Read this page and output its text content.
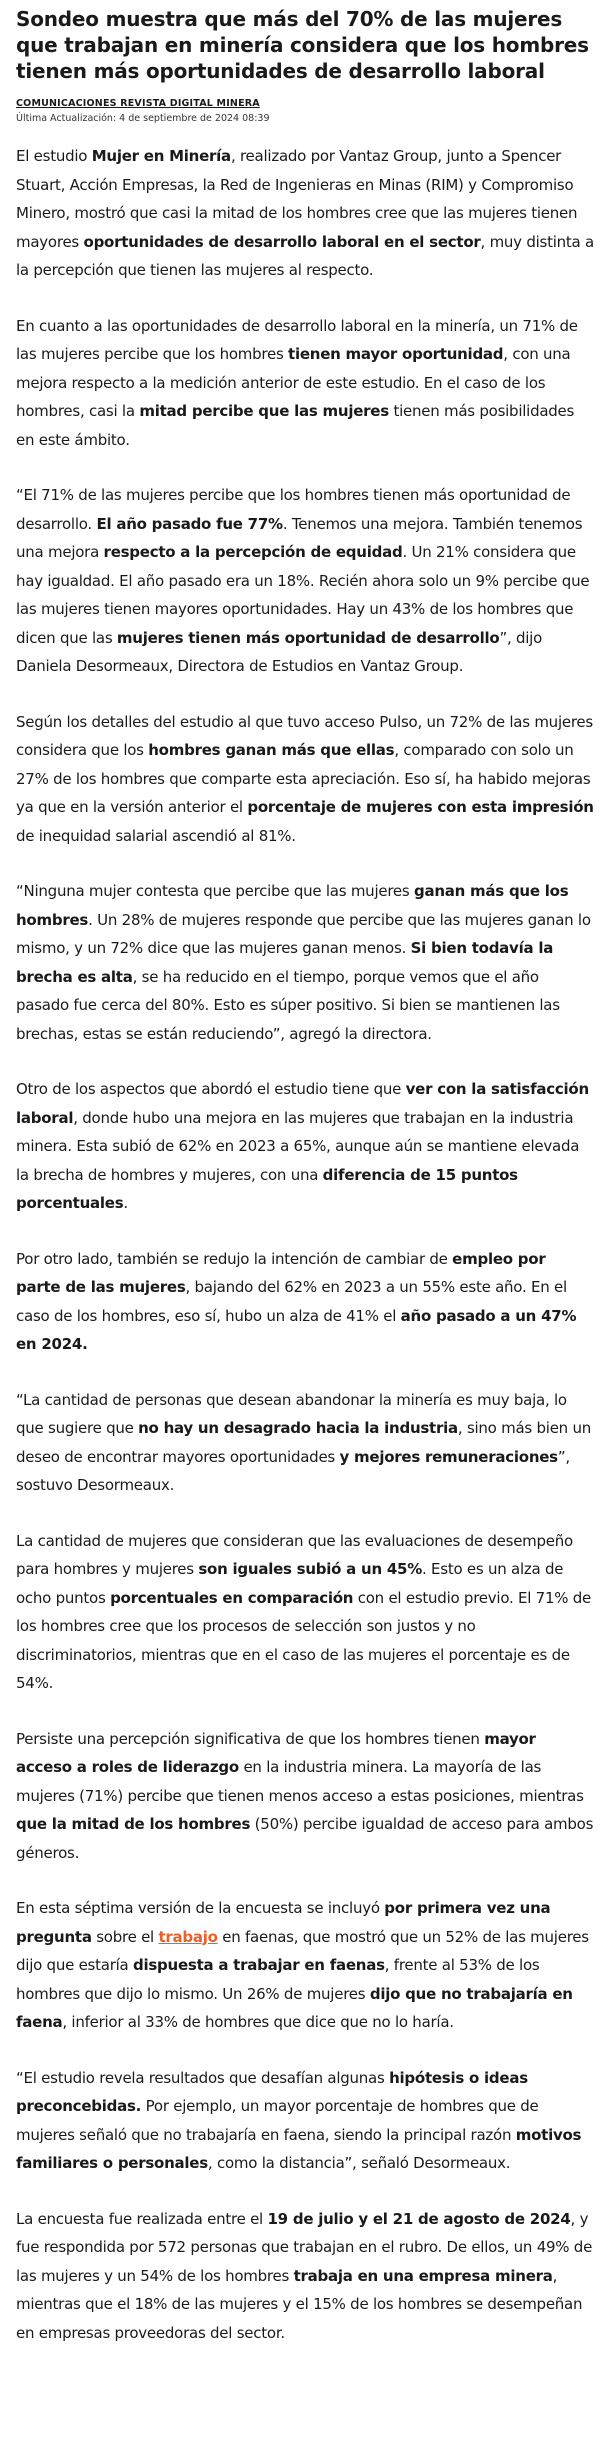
Sondeo muestra que más del 70% de las mujeres que trabajan en minería considera que los hombres tienen más oportunidades de desarrollo laboral
COMUNICACIONES REVISTA DIGITAL MINERA
Última Actualización: 4 de septiembre de 2024 08:39

El estudio Mujer en Minería, realizado por Vantaz Group, junto a Spencer Stuart, Acción Empresas, la Red de Ingenieras en Minas (RIM) y Compromiso Minero, mostró que casi la mitad de los hombres cree que las mujeres tienen mayores oportunidades de desarrollo laboral en el sector, muy distinta a la percepción que tienen las mujeres al respecto.

En cuanto a las oportunidades de desarrollo laboral en la minería, un 71% de las mujeres percibe que los hombres tienen mayor oportunidad, con una mejora respecto a la medición anterior de este estudio. En el caso de los hombres, casi la mitad percibe que las mujeres tienen más posibilidades en este ámbito.

“El 71% de las mujeres percibe que los hombres tienen más oportunidad de desarrollo. El año pasado fue 77%. Tenemos una mejora. También tenemos una mejora respecto a la percepción de equidad. Un 21% considera que hay igualdad. El año pasado era un 18%. Recién ahora solo un 9% percibe que las mujeres tienen mayores oportunidades. Hay un 43% de los hombres que dicen que las mujeres tienen más oportunidad de desarrollo”, dijo Daniela Desormeaux, Directora de Estudios en Vantaz Group.

Según los detalles del estudio al que tuvo acceso Pulso, un 72% de las mujeres considera que los hombres ganan más que ellas, comparado con solo un 27% de los hombres que comparte esta apreciación. Eso sí, ha habido mejoras ya que en la versión anterior el porcentaje de mujeres con esta impresión de inequidad salarial ascendió al 81%.

“Ninguna mujer contesta que percibe que las mujeres ganan más que los hombres. Un 28% de mujeres responde que percibe que las mujeres ganan lo mismo, y un 72% dice que las mujeres ganan menos. Si bien todavía la brecha es alta, se ha reducido en el tiempo, porque vemos que el año pasado fue cerca del 80%. Esto es súper positivo. Si bien se mantienen las brechas, estas se están reduciendo”, agregó la directora.

Otro de los aspectos que abordó el estudio tiene que ver con la satisfacción laboral, donde hubo una mejora en las mujeres que trabajan en la industria minera. Esta subió de 62% en 2023 a 65%, aunque aún se mantiene elevada la brecha de hombres y mujeres, con una diferencia de 15 puntos porcentuales.

Por otro lado, también se redujo la intención de cambiar de empleo por parte de las mujeres, bajando del 62% en 2023 a un 55% este año. En el caso de los hombres, eso sí, hubo un alza de 41% el año pasado a un 47% en 2024.

“La cantidad de personas que desean abandonar la minería es muy baja, lo que sugiere que no hay un desagrado hacia la industria, sino más bien un deseo de encontrar mayores oportunidades y mejores remuneraciones”, sostuvo Desormeaux.

La cantidad de mujeres que consideran que las evaluaciones de desempeño para hombres y mujeres son iguales subió a un 45%. Esto es un alza de ocho puntos porcentuales en comparación con el estudio previo. El 71% de los hombres cree que los procesos de selección son justos y no discriminatorios, mientras que en el caso de las mujeres el porcentaje es de 54%.

Persiste una percepción significativa de que los hombres tienen mayor acceso a roles de liderazgo en la industria minera. La mayoría de las mujeres (71%) percibe que tienen menos acceso a estas posiciones, mientras que la mitad de los hombres (50%) percibe igualdad de acceso para ambos géneros.

En esta séptima versión de la encuesta se incluyó por primera vez una pregunta sobre el trabajo en faenas, que mostró que un 52% de las mujeres dijo que estaría dispuesta a trabajar en faenas, frente al 53% de los hombres que dijo lo mismo. Un 26% de mujeres dijo que no trabajaría en faena, inferior al 33% de hombres que dice que no lo haría.

“El estudio revela resultados que desafían algunas hipótesis o ideas preconcebidas. Por ejemplo, un mayor porcentaje de hombres que de mujeres señaló que no trabajaría en faena, siendo la principal razón motivos familiares o personales, como la distancia”, señaló Desormeaux.

La encuesta fue realizada entre el 19 de julio y el 21 de agosto de 2024, y fue respondida por 572 personas que trabajan en el rubro. De ellos, un 49% de las mujeres y un 54% de los hombres trabaja en una empresa minera, mientras que el 18% de las mujeres y el 15% de los hombres se desempeñan en empresas proveedoras del sector.
